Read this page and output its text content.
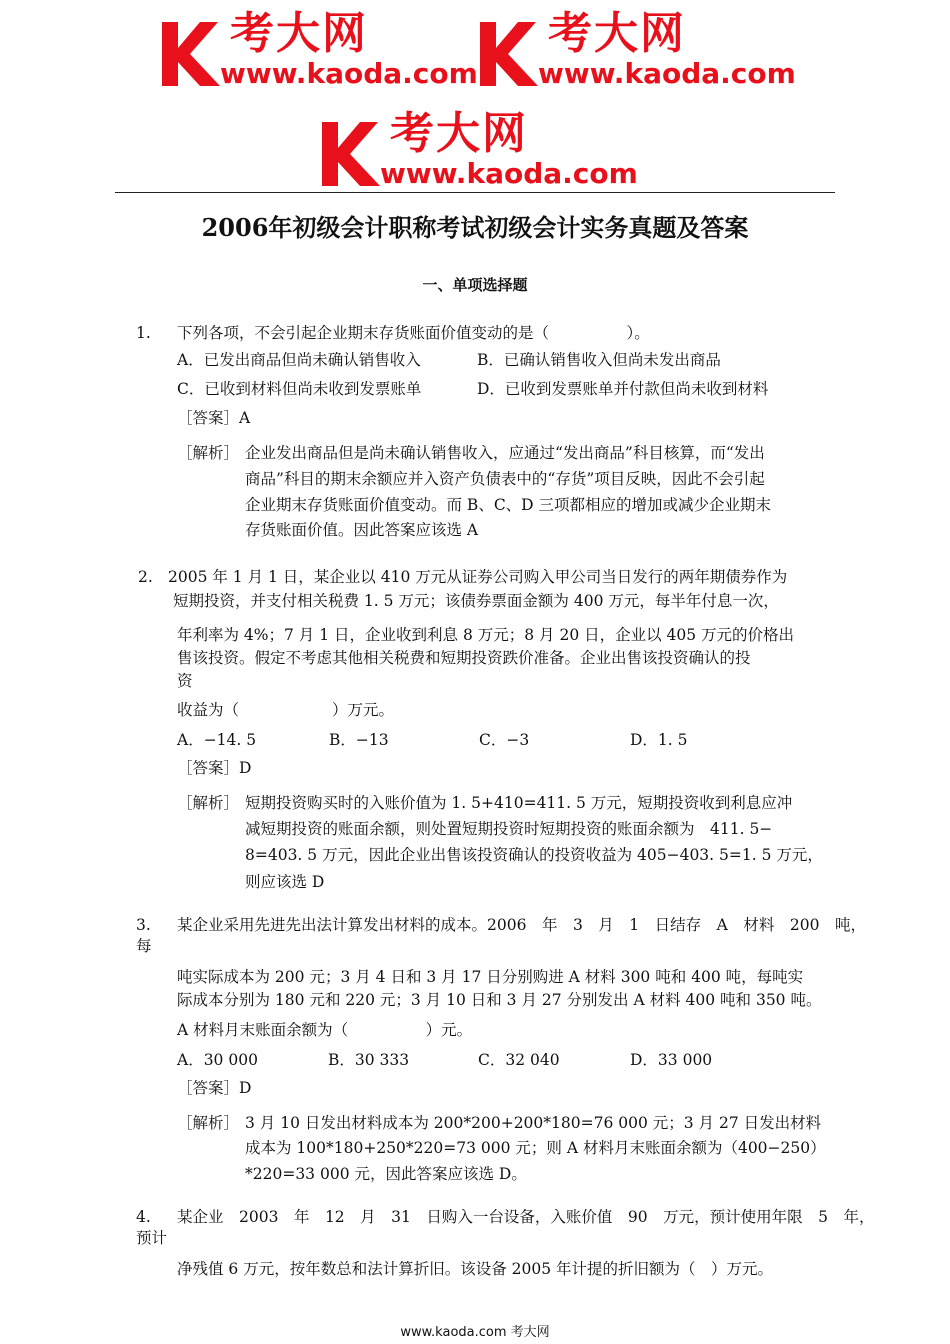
考大网
www.kaoda.com
考大网
www.kaoda.com
考大网
www.kaoda.com
2006年初级会计职称考试初级会计实务真题及答案
一、单项选择题
1. 下列各项，不会引起企业期末存货账面价值变动的是（　　　　　）。
A．已发出商品但尚未确认销售收入	B．已确认销售收入但尚未发出商品
C．已收到材料但尚未收到发票账单	D．已收到发票账单并付款但尚未收到材料
［答案］A
［解析］ 企业发出商品但是尚未确认销售收入，应通过“发出商品”科目核算，而“发出
商品”科目的期末余额应并入资产负债表中的“存货”项目反映，因此不会引起
企业期末存货账面价值变动。而 B、C、D 三项都相应的增加或减少企业期末
存货账面价值。因此答案应该选 A
2. 2005 年 1 月 1 日，某企业以 410 万元从证券公司购入甲公司当日发行的两年期债券作为
短期投资，并支付相关税费 1. 5 万元；该债券票面金额为 400 万元，每半年付息一次，
年利率为 4%；7 月 1 日，企业收到利息 8 万元；8 月 20 日，企业以 405 万元的价格出
售该投资。假定不考虑其他相关税费和短期投资跌价准备。企业出售该投资确认的投
资
收益为（　　　　　　）万元。
A．−14. 5	B．−13	C．−3	D．1. 5
［答案］D
［解析］ 短期投资购买时的入账价值为 1. 5+410=411. 5 万元，短期投资收到利息应冲
减短期投资的账面余额，则处置短期投资时短期投资的账面余额为　411. 5−
8=403. 5 万元，因此企业出售该投资确认的投资收益为 405−403. 5=1. 5 万元，
则应该选 D
3. 某企业采用先进先出法计算发出材料的成本。2006　年　3　月　1　日结存　A　材料　200　吨，
每
吨实际成本为 200 元；3 月 4 日和 3 月 17 日分别购进 A 材料 300 吨和 400 吨，每吨实
际成本分别为 180 元和 220 元；3 月 10 日和 3 月 27 分别发出 A 材料 400 吨和 350 吨。
A 材料月末账面余额为（　　　　　）元。
A．30 000	B．30 333	C．32 040	D．33 000
［答案］D
［解析］ 3 月 10 日发出材料成本为 200*200+200*180=76 000 元；3 月 27 日发出材料
成本为 100*180+250*220=73 000 元；则 A 材料月末账面余额为（400−250）
*220=33 000 元，因此答案应该选 D。
4. 某企业　2003　年　12　月　31　日购入一台设备，入账价值　90　万元，预计使用年限　5　年，
预计
净残值 6 万元，按年数总和法计算折旧。该设备 2005 年计提的折旧额为（　）万元。
www.kaoda.com 考大网
